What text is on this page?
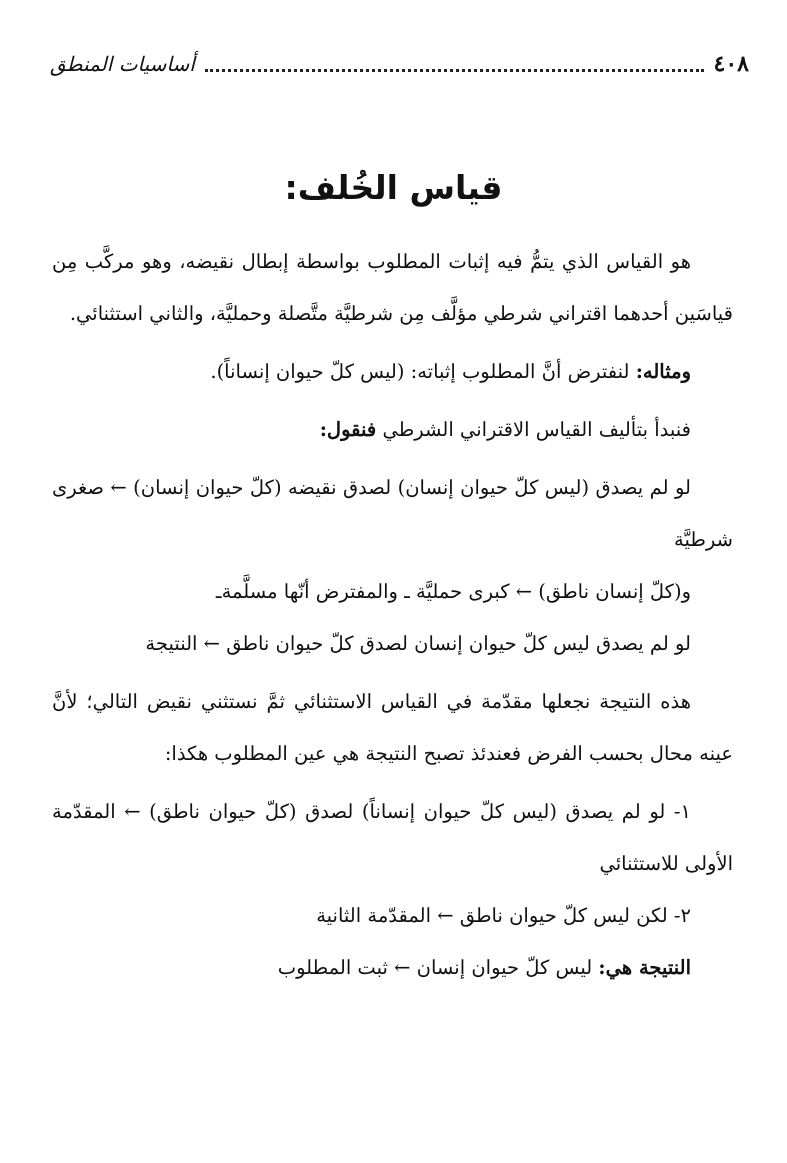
٤٠٨
أساسيات المنطق
قياس الخُلف:

هو القياس الذي يتمُّ فيه إثبات المطلوب بواسطة إبطال نقيضه، وهو مركَّب مِن قياسَين أحدهما اقتراني شرطي مؤلَّف مِن شرطيَّة متَّصلة وحمليَّة، والثاني استثنائي.

ومثاله: لنفترض أنَّ المطلوب إثباته: (ليس كلّ حيوان إنساناً).

فنبدأ بتأليف القياس الاقتراني الشرطي فنقول:

لو لم يصدق (ليس كلّ حيوان إنسان) لصدق نقيضه (كلّ حيوان إنسان) ← صغرى شرطيَّة

و(كلّ إنسان ناطق) ← كبرى حمليَّة ـ والمفترض أنّها مسلَّمةـ

لو لم يصدق ليس كلّ حيوان إنسان لصدق كلّ حيوان ناطق ← النتيجة

هذه النتيجة نجعلها مقدّمة في القياس الاستثنائي ثمَّ نستثني نقيض التالي؛ لأنَّ عينه محال بحسب الفرض فعندئذ تصبح النتيجة هي عين المطلوب هكذا:

١- لو لم يصدق (ليس كلّ حيوان إنساناً) لصدق (كلّ حيوان ناطق) ← المقدّمة الأولى للاستثنائي

٢- لكن ليس كلّ حيوان ناطق ← المقدّمة الثانية

النتيجة هي: ليس كلّ حيوان إنسان ← ثبت المطلوب
